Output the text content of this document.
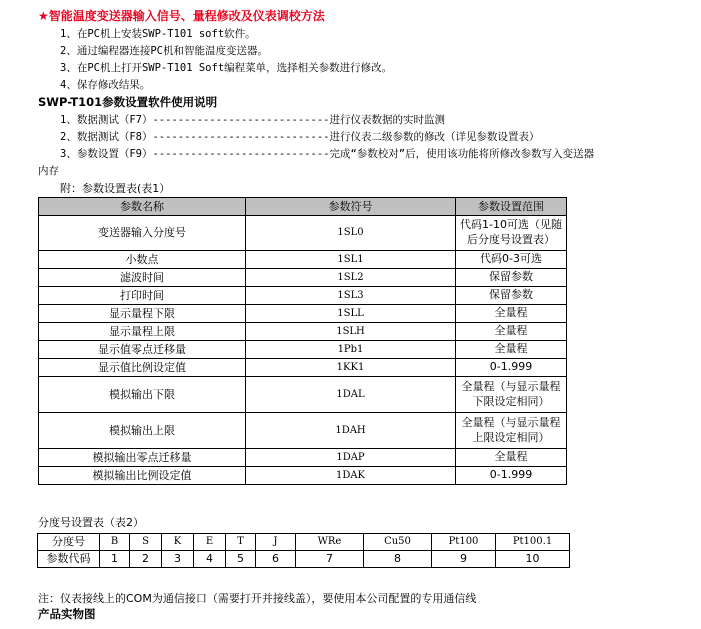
★智能温度变送器输入信号、量程修改及仪表调校方法
1、在PC机上安装SWP-T101 soft软件。
2、通过编程器连接PC机和智能温度变送器。
3、在PC机上打开SWP-T101 Soft编程菜单，选择相关参数进行修改。
4、保存修改结果。
SWP-T101参数设置软件使用说明
1、数据测试（F7）----------------------------进行仪表数据的实时监测
2、数据测试（F8）----------------------------进行仪表二级参数的修改（详见参数设置表）
3、参数设置（F9）----------------------------完成“参数校对”后，使用该功能将所修改参数写入变送器
内存
附：参数设置表(表1）
参数名称	参数符号	参数设置范围
变送器输入分度号	1SL0	代码1-10可选（见随后分度号设置表）
小数点	1SL1	代码0-3可选
滤波时间	1SL2	保留参数
打印时间	1SL3	保留参数
显示量程下限	1SLL	全量程
显示量程上限	1SLH	全量程
显示值零点迁移量	1Pb1	全量程
显示值比例设定值	1KK1	0-1.999
模拟输出下限	1DAL	全量程（与显示量程下限设定相同）
模拟输出上限	1DAH	全量程（与显示量程上限设定相同）
模拟输出零点迁移量	1DAP	全量程
模拟输出比例设定值	1DAK	0-1.999
分度号设置表（表2）
分度号	B	S	K	E	T	J	WRe	Cu50	Pt100	Pt100.1
参数代码	1	2	3	4	5	6	7	8	9	10
注：仪表接线上的COM为通信接口（需要打开并接线盖），要使用本公司配置的专用通信线
产品实物图
